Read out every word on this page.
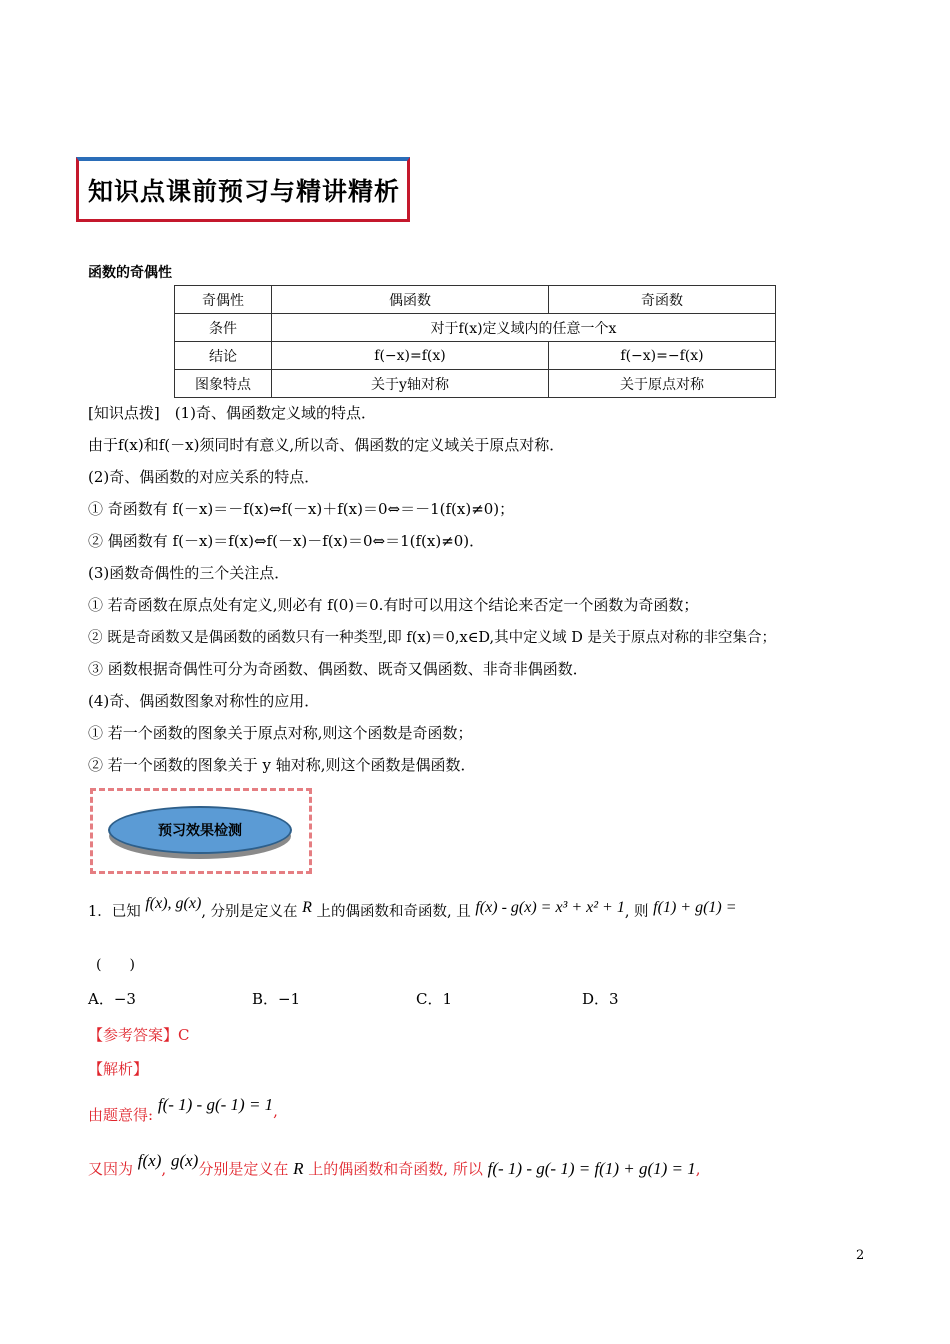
知识点课前预习与精讲精析
函数的奇偶性
奇偶性	偶函数	奇函数
条件	对于f(x)定义域内的任意一个x	
结论	f(−x)=f(x)	f(−x)=−f(x)
图象特点	关于y轴对称	关于原点对称
[知识点拨]　(1)奇、偶函数定义域的特点．
由于f(x)和f(－x)须同时有意义,所以奇、偶函数的定义域关于原点对称．
(2)奇、偶函数的对应关系的特点．
① 奇函数有 f(－x)＝－f(x)⇔f(－x)＋f(x)＝0⇔＝－1(f(x)≠0)；
② 偶函数有 f(－x)＝f(x)⇔f(－x)－f(x)＝0⇔＝1(f(x)≠0)．
(3)函数奇偶性的三个关注点．
① 若奇函数在原点处有定义,则必有 f(0)＝0.有时可以用这个结论来否定一个函数为奇函数；
② 既是奇函数又是偶函数的函数只有一种类型,即 f(x)＝0,x∈D,其中定义域 D 是关于原点对称的非空集合；
③ 函数根据奇偶性可分为奇函数、偶函数、既奇又偶函数、非奇非偶函数．
(4)奇、偶函数图象对称性的应用．
① 若一个函数的图象关于原点对称,则这个函数是奇函数；
② 若一个函数的图象关于 y 轴对称,则这个函数是偶函数．
预习效果检测
1．已知 f(x), g(x), 分别是定义在 R 上的偶函数和奇函数, 且 f(x) - g(x) = x³ + x² + 1, 则 f(1) + g(1) =
(　　)
A．−3	B．−1	C．1	D．3
【参考答案】C
【解析】
由题意得: f(- 1) - g(- 1) = 1,
又因为 f(x), g(x)分别是定义在 R 上的偶函数和奇函数, 所以 f(- 1) - g(- 1) = f(1) + g(1) = 1,
2
